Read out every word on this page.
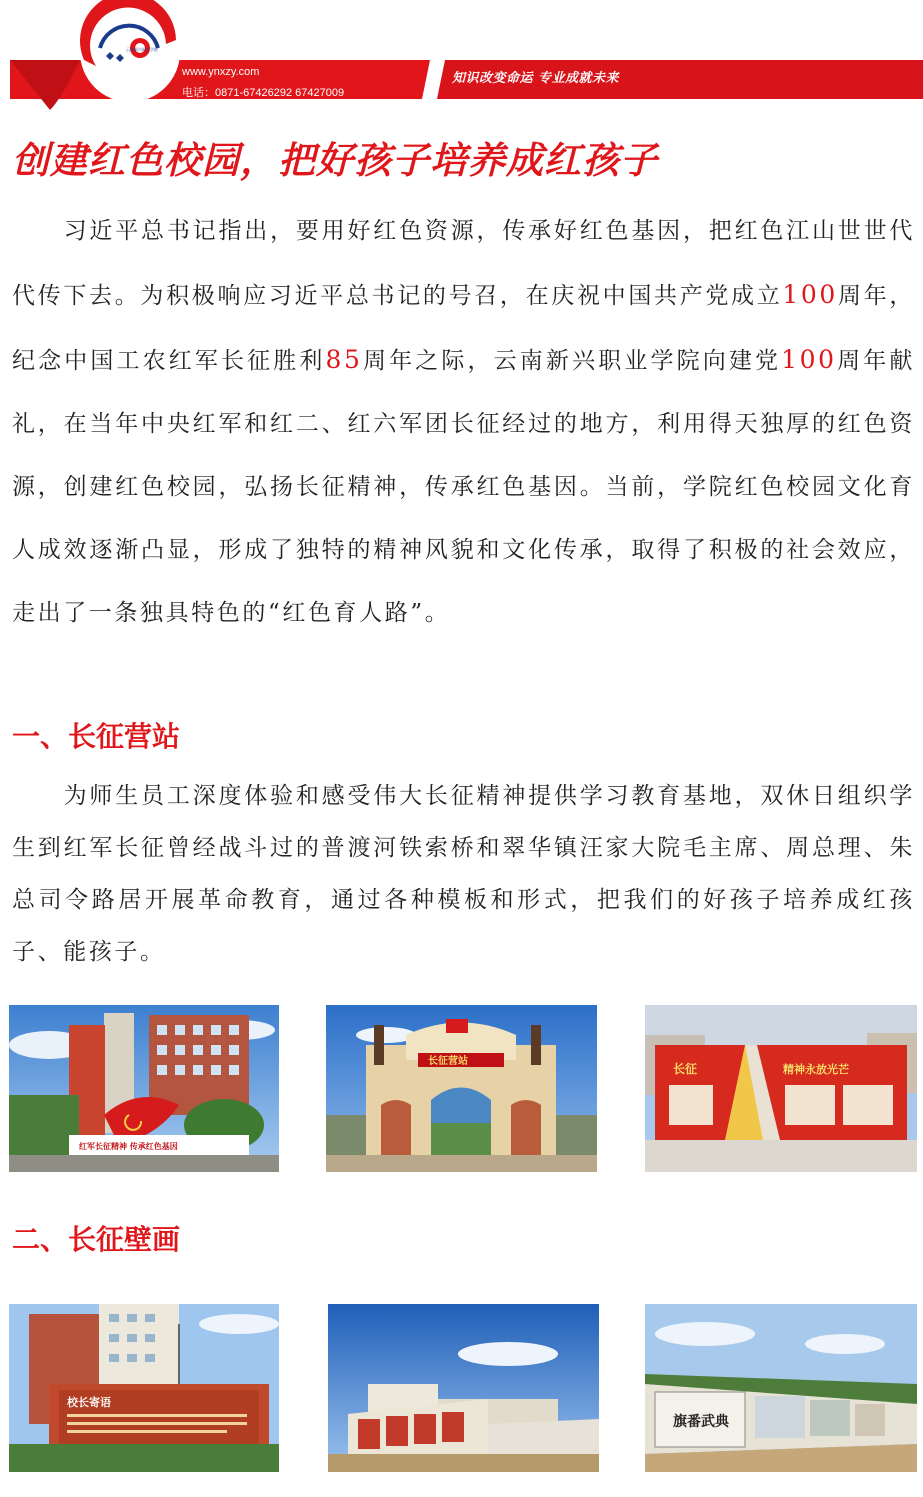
云南新兴职业学院
www.ynxzy.com
电话：0871-67426292 67427009
知识改变命运 专业成就未来
创建红色校园，把好孩子培养成红孩子

　　习近平总书记指出，要用好红色资源，传承好红色基因，把红色江山世世代代传下去。为积极响应习近平总书记的号召，在庆祝中国共产党成立100周年，纪念中国工农红军长征胜利85周年之际，云南新兴职业学院向建党100周年献礼，在当年中央红军和红二、红六军团长征经过的地方，利用得天独厚的红色资源，创建红色校园，弘扬长征精神，传承红色基因。当前，学院红色校园文化育人成效逐渐凸显，形成了独特的精神风貌和文化传承，取得了积极的社会效应，走出了一条独具特色的“红色育人路”。

一、长征营站

　　为师生员工深度体验和感受伟大长征精神提供学习教育基地，双休日组织学生到红军长征曾经战斗过的普渡河铁索桥和翠华镇汪家大院毛主席、周总理、朱总司令路居开展革命教育，通过各种模板和形式，把我们的好孩子培养成红孩子、能孩子。

红军长征精神 传承红色基因
长征营站
长征	精神永放光芒
二、长征壁画
校长寄语
旗番武典
